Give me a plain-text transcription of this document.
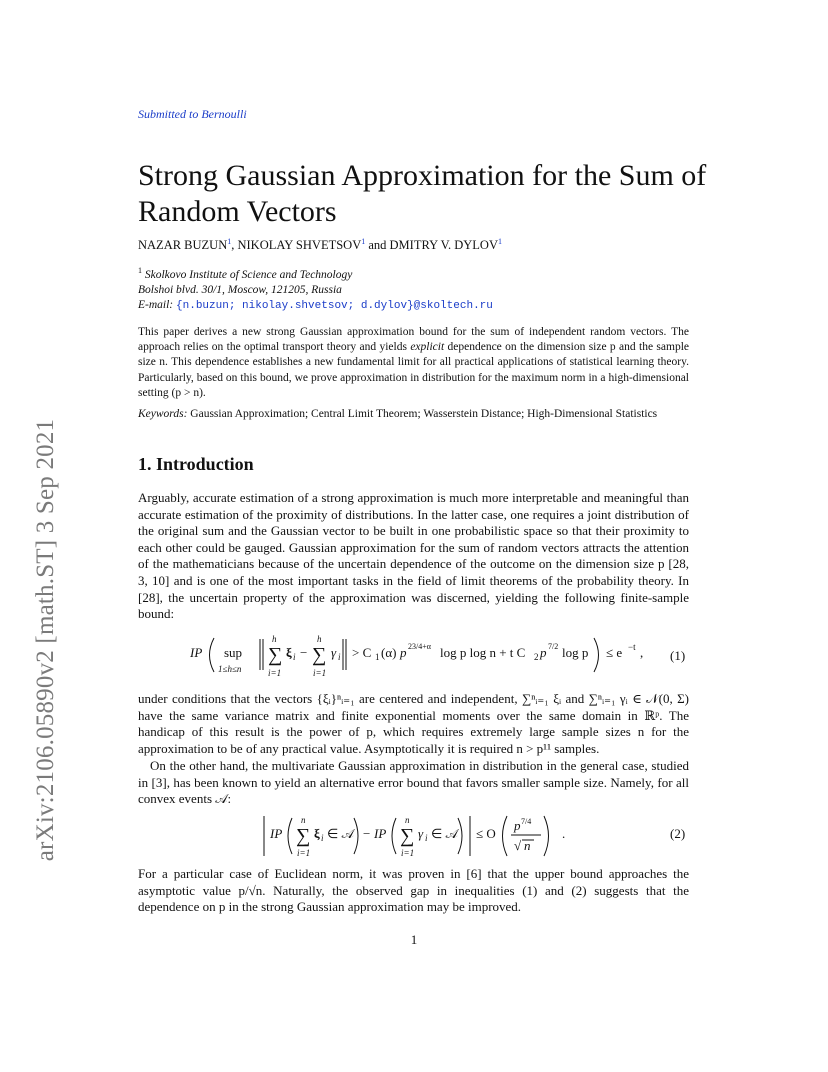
arXiv:2106.05890v2 [math.ST] 3 Sep 2021
Submitted to Bernoulli
Strong Gaussian Approximation for the Sum of Random Vectors
NAZAR BUZUN$^1$, NIKOLAY SHVETSOV$^1$ and DMITRY V. DYLOV$^1$
$^1$ Skolkovo Institute of Science and Technology
Bolshoi blvd. 30/1, Moscow, 121205, Russia
E-mail: {n.buzun; nikolay.shvetsov; d.dylov}@skoltech.ru
This paper derives a new strong Gaussian approximation bound for the sum of independent random vectors. The approach relies on the optimal transport theory and yields explicit dependence on the dimension size p and the sample size n. This dependence establishes a new fundamental limit for all practical applications of statistical learning theory. Particularly, based on this bound, we prove approximation in distribution for the maximum norm in a high-dimensional setting (p > n).
Keywords: Gaussian Approximation; Central Limit Theorem; Wasserstein Distance; High-Dimensional Statistics
1. Introduction
Arguably, accurate estimation of a strong approximation is much more interpretable and meaningful than accurate estimation of the proximity of distributions. In the latter case, one requires a joint distribution of the original sum and the Gaussian vector to be built in one probabilistic space so that their proximity to each other could be gauged. Gaussian approximation for the sum of random vectors attracts the attention of the mathematicians because of the uncertain dependence of the outcome on the dimension size p [28, 3, 10] and is one of the most important tasks in the field of limit theorems of the probability theory. In [28], the uncertain property of the approximation was discerned, yielding the following finite-sample bound:
IP sup
1≤h≤n
h
∑
i=1
ξ i −
h
∑
i=1
γ i > C 1 (α) p 23/4+α log p log n + t C 2 p 7/2 log p ≤ e −t , (1)
under conditions that the vectors {ξᵢ}ⁿᵢ₌₁ are centered and independent, ∑ⁿᵢ₌₁ ξᵢ and ∑ⁿᵢ₌₁ γᵢ ∈ 𝒩(0, Σ) have the same variance matrix and finite exponential moments over the same domain in ℝᵖ. The handicap of this result is the power of p, which requires extremely large sample sizes n for the approximation to be of any practical value. Asymptotically it is required n > p¹¹ samples.
On the other hand, the multivariate Gaussian approximation in distribution in the general case, studied in [3], has been known to yield an alternative error bound that favors smaller sample size. Namely, for all convex events 𝒜:
IP
n
∑
i=1
ξ i ∈ 𝒜 − IP
n
∑
i=1
γ i ∈ 𝒜 ≤ O
p 7/4
√ n
.	(2)
For a particular case of Euclidean norm, it was proven in [6] that the upper bound approaches the asymptotic value p/√n. Naturally, the observed gap in inequalities (1) and (2) suggests that the dependence on p in the strong Gaussian approximation may be improved.
1
